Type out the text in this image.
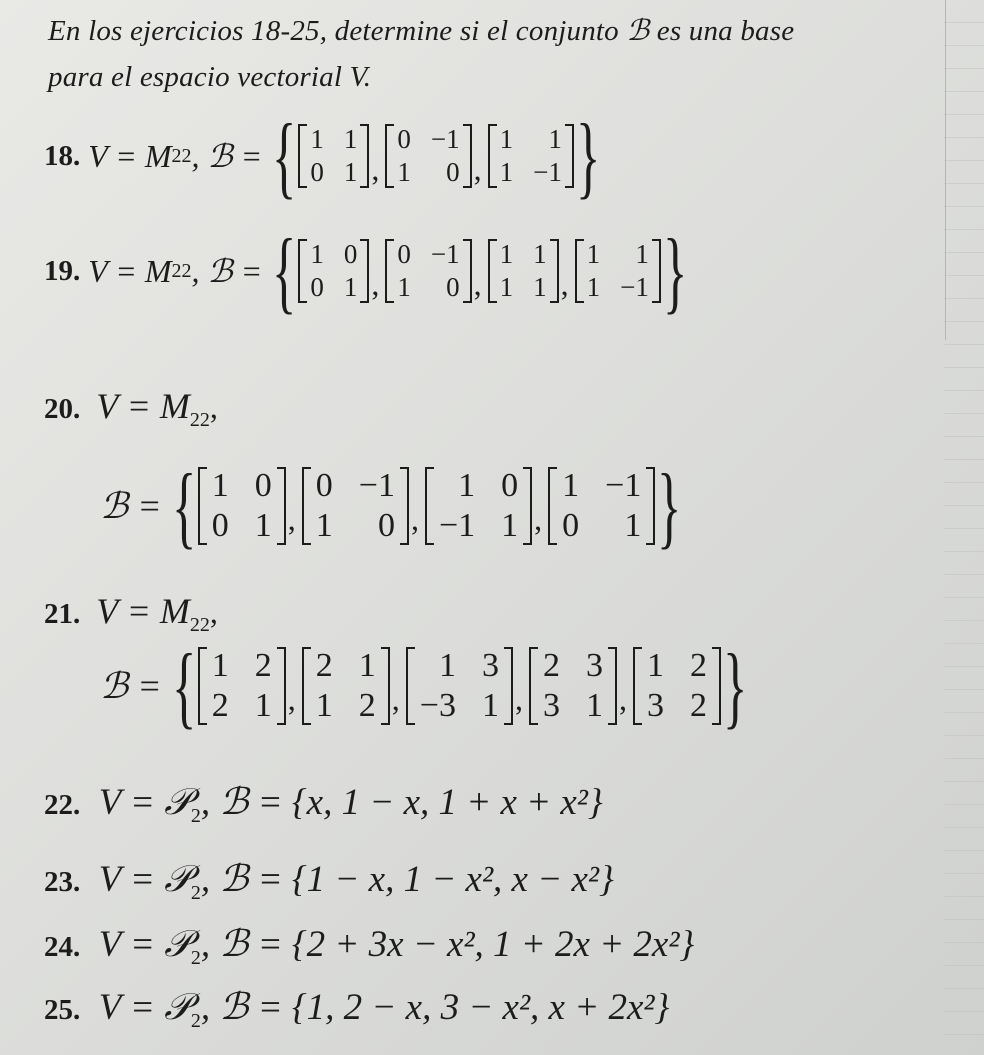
En los ejercicios 18-25, determine si el conjunto ℬ es una base
para el espacio vectorial V.
18.
V = M 22 , ℬ =
{ 1 1
0 1 ,
0 −1
1	0 ,
1	1
1 −1 }
19.
V = M 22 , ℬ =
{ 1 0
0 1 ,
0 −1
1	0 ,
1 1
1 1 ,
1	1
1 −1 }
20. $V = M_{22}$,
ℬ =
{ 1 0
0 1 ,
0 −1
1	0 ,
1 0
−1 1 ,
1 −1
0	1 }
21. $V = M_{22}$,
ℬ =
{ 1 2
2 1 ,
2 1
1 2 ,
1 3
−3 1 ,
2 3
3 1 ,
1 2
3 2 }
22. V = 𝒫$_2$, ℬ = {x, 1 − x, 1 + x + x²}
23. V = 𝒫$_2$, ℬ = {1 − x, 1 − x², x − x²}
24. V = 𝒫$_2$, ℬ = {2 + 3x − x², 1 + 2x + 2x²}
25. V = 𝒫$_2$, ℬ = {1, 2 − x, 3 − x², x + 2x²}
